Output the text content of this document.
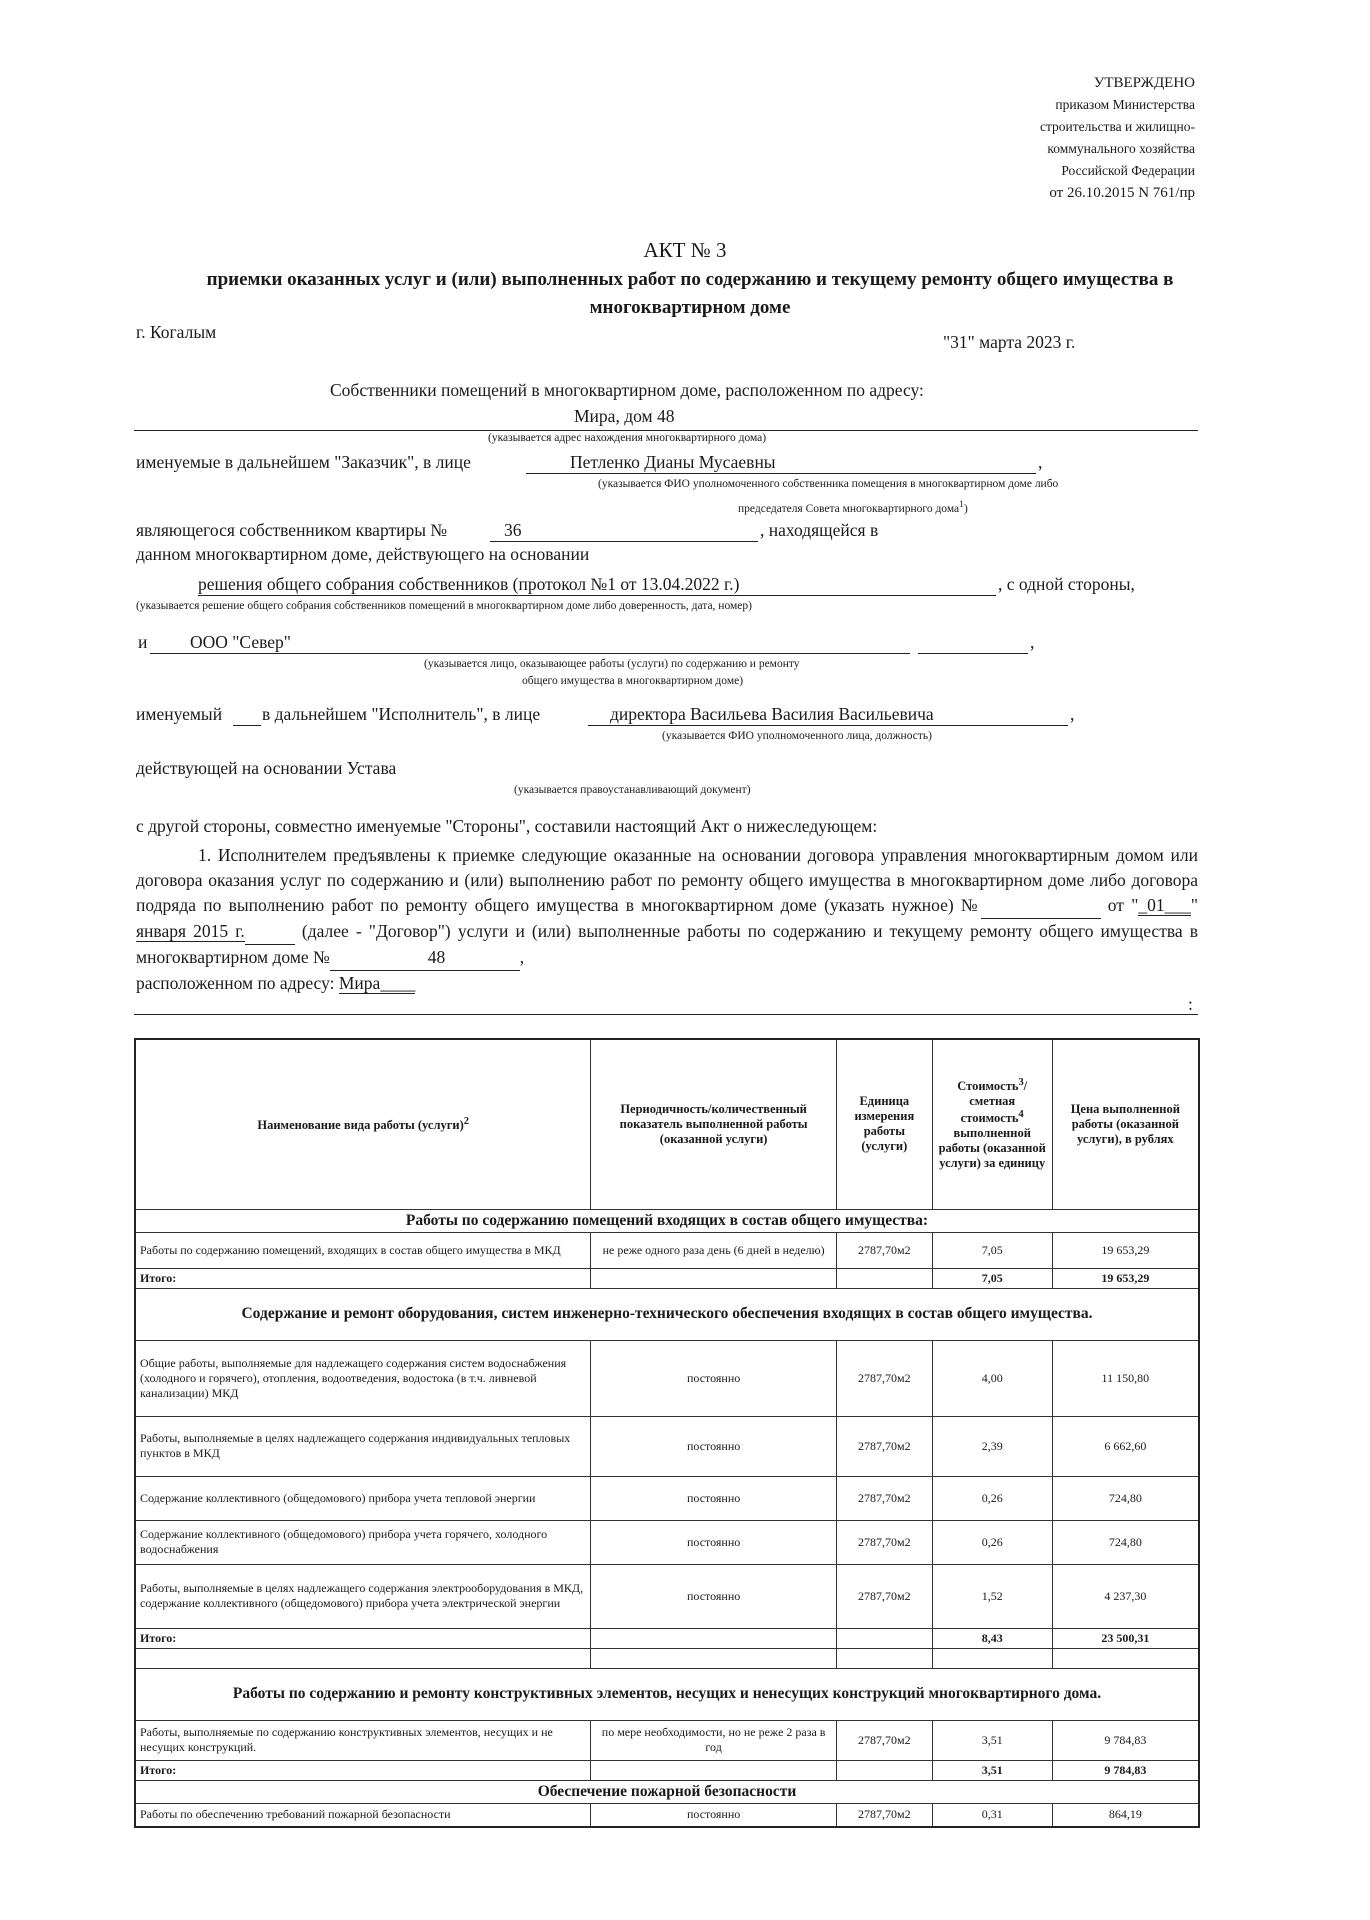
УТВЕРЖДЕНО
приказом Министерства
строительства и жилищно-
коммунального хозяйства
Российской Федерации
от 26.10.2015 N 761/пр
АКТ № 3
приемки оказанных услуг и (или) выполненных работ по содержанию и текущему ремонту общего имущества в многоквартирном доме
г. Когалым	"31" марта 2023 г.
Собственники помещений в многоквартирном доме, расположенном по адресу:
Мира, дом 48
(указывается адрес нахождения многоквартирного дома)
именуемые в дальнейшем "Заказчик", в лице	Петленко Дианы Мусаевны	,
(указывается ФИО уполномоченного собственника помещения в многоквартирном доме либо
председателя Совета многоквартирного дома$^1$)
являющегося собственником квартиры №	36	, находящейся в
данном многоквартирном доме, действующего на основании
решения общего собрания собственников (протокол №1 от 13.04.2022 г.)	, с одной стороны,
(указывается решение общего собрания собственников помещений в многоквартирном доме либо доверенность, дата, номер)
и	ООО "Север"
	,
(указывается лицо, оказывающее работы (услуги) по содержанию и ремонту
общего имущества в многоквартирном доме)
именуемый
в дальнейшем "Исполнитель", в лице	директора Васильева Василия Васильевича	,
(указывается ФИО уполномоченного лица, должность)
действующей на основании Устава
(указывается правоустанавливающий документ)
с другой стороны, совместно именуемые "Стороны", составили настоящий Акт о нижеследующем:
1. Исполнителем предъявлены к приемке следующие оказанные на основании договора управления многоквартирным домом или договора оказания услуг по содержанию и (или) выполнению работ по ремонту общего имущества в многоквартирном доме либо договора подряда по выполнению работ по ремонту общего имущества в многоквартирном доме (указать нужное) №	от "_01___" января 2015 г.	(далее - "Договор") услуги и (или) выполненные работы по содержанию и текущему ремонту общего имущества в многоквартирном доме №	48	,
расположенном по адресу: Мира____
:
Наименование вида работы (услуги)$^2$	Периодичность/количественный показатель выполненной работы (оказанной услуги)	Единица измерения работы (услуги)	Стоимость$^3$/сметная стоимость$^4$ выполненной работы (оказанной услуги) за единицу	Цена выполненной работы (оказанной услуги), в рублях
Работы по содержанию помещений входящих в состав общего имущества:				
Работы по содержанию помещений, входящих в состав общего имущества в МКД	не реже одного раза день (6 дней в неделю)	2787,70м2	7,05	19 653,29
Итого:			7,05	19 653,29
Содержание и ремонт оборудования, систем инженерно-технического обеспечения входящих в состав общего имущества.				
Общие работы, выполняемые для надлежащего содержания систем водоснабжения (холодного и горячего), отопления, водоотведения, водостока (в т.ч. ливневой канализации) МКД	постоянно	2787,70м2	4,00	11 150,80
Работы, выполняемые в целях надлежащего содержания индивидуальных тепловых пунктов в МКД	постоянно	2787,70м2	2,39	6 662,60
Содержание коллективного (общедомового) прибора учета тепловой энергии	постоянно	2787,70м2	0,26	724,80
Содержание коллективного (общедомового) прибора учета горячего, холодного водоснабжения	постоянно	2787,70м2	0,26	724,80
Работы, выполняемые в целях надлежащего содержания электрооборудования в МКД, содержание коллективного (общедомового) прибора учета электрической энергии	постоянно	2787,70м2	1,52	4 237,30
Итого:			8,43	23 500,31

Работы по содержанию и ремонту конструктивных элементов, несущих и ненесущих конструкций многоквартирного дома.				
Работы, выполняемые по содержанию конструктивных элементов, несущих и не несущих конструкций.	по мере необходимости, но не реже 2 раза в год	2787,70м2	3,51	9 784,83
Итого:			3,51	9 784,83
Обеспечение пожарной безопасности				
Работы по обеспечению требований пожарной безопасности	постоянно	2787,70м2	0,31	864,19
